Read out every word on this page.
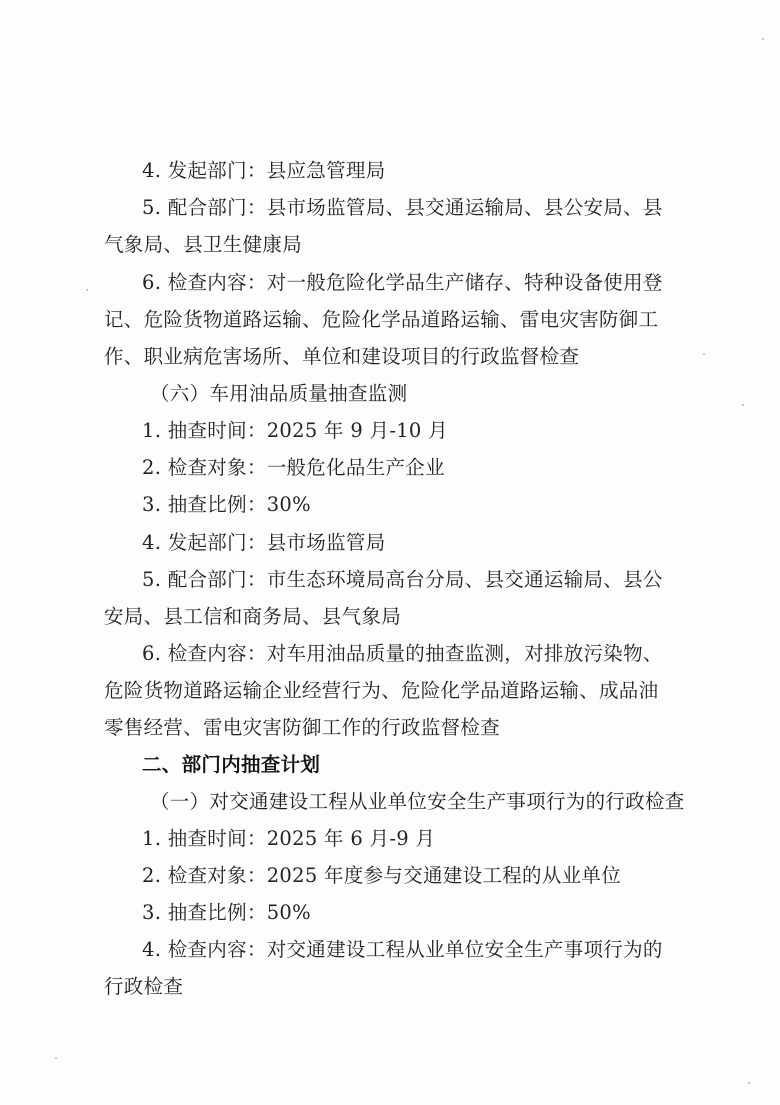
4. 发起部门：县应急管理局
5. 配合部门：县市场监管局、县交通运输局、县公安局、县
气象局、县卫生健康局
6. 检查内容：对一般危险化学品生产储存、特种设备使用登
记、危险货物道路运输、危险化学品道路运输、雷电灾害防御工
作、职业病危害场所、单位和建设项目的行政监督检查
（六）车用油品质量抽查监测
1. 抽查时间：2025 年 9 月-10 月
2. 检查对象：一般危化品生产企业
3. 抽查比例：30%
4. 发起部门：县市场监管局
5. 配合部门：市生态环境局高台分局、县交通运输局、县公
安局、县工信和商务局、县气象局
6. 检查内容：对车用油品质量的抽查监测，对排放污染物、
危险货物道路运输企业经营行为、危险化学品道路运输、成品油
零售经营、雷电灾害防御工作的行政监督检查
二、部门内抽查计划
（一）对交通建设工程从业单位安全生产事项行为的行政检查
1. 抽查时间：2025 年 6 月-9 月
2. 检查对象：2025 年度参与交通建设工程的从业单位
3. 抽查比例：50%
4. 检查内容：对交通建设工程从业单位安全生产事项行为的
行政检查
